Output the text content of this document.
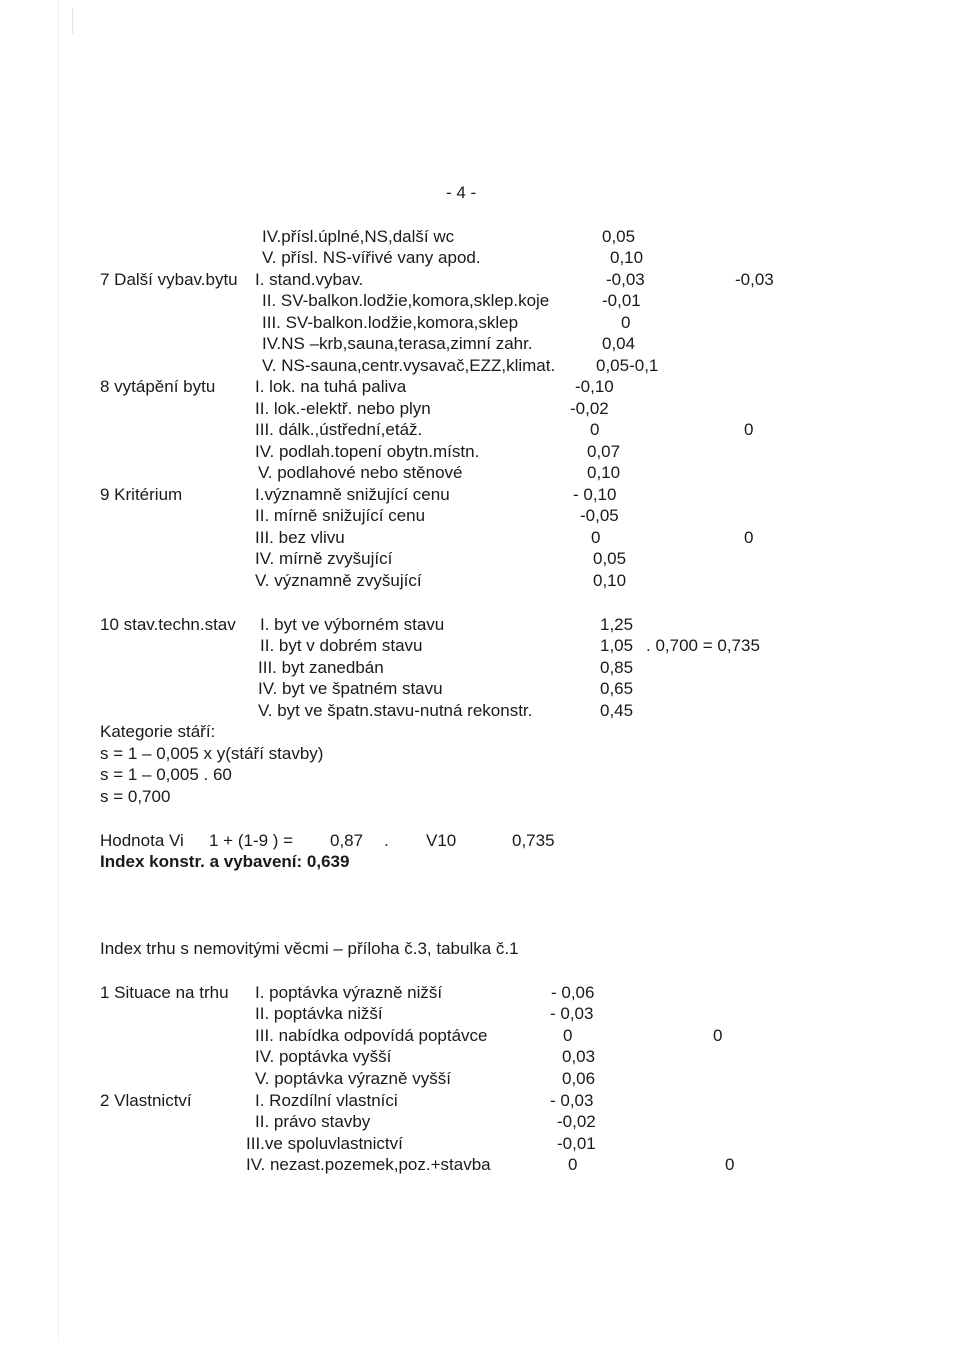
- 4 -
7 Další vybav.bytu
8 vytápění bytu
9 Kritérium
IV.přísl.úplné,NS,další wc
V. přísl. NS-vířivé vany apod.
I. stand.vybav.
II. SV-balkon.lodžie,komora,sklep.koje
III. SV-balkon.lodžie,komora,sklep
IV.NS –krb,sauna,terasa,zimní zahr.
V. NS-sauna,centr.vysavač,EZZ,klimat.
I. lok. na tuhá paliva
II. lok.-elektř. nebo plyn
III. dálk.,ústřední,etáž.
IV. podlah.topení obytn.místn.
V. podlahové nebo stěnové
I.významně snižující cenu
II. mírně snižující cenu
III. bez vlivu
IV. mírně zvyšující
V. významně zvyšující
0,05
0,10
-0,03
-0,01
0
0,04
0,05-0,1
-0,10
-0,02
0
0,07
0,10
- 0,10
-0,05
0
0,05
0,10
-0,03
0
0
10 stav.techn.stav I. byt ve výborném stavu
II. byt v dobrém stavu
III. byt zanedbán
IV. byt ve špatném stavu
V. byt ve špatn.stavu-nutná rekonstr.
1,25
1,05
0,85
0,65
0,45
. 0,700 = 0,735
Kategorie stáří:
s = 1 – 0,005 x y(stáří stavby)
s = 1 – 0,005 . 60
s = 0,700
Hodnota Vi 1 + (1-9 ) = 0,87 . V10	0,735
Index konstr. a vybavení: 0,639
Index trhu s nemovitými věcmi – příloha č.3, tabulka č.1
1 Situace na trhu
2 Vlastnictví
I. poptávka výrazně nižší
II. poptávka nižší
III. nabídka odpovídá poptávce
IV. poptávka vyšší
V. poptávka výrazně vyšší
I. Rozdílní vlastníci
II. právo stavby
III.ve spoluvlastnictví
IV. nezast.pozemek,poz.+stavba
- 0,06
- 0,03
0
0,03
0,06
- 0,03
-0,02
-0,01
0
0
0
